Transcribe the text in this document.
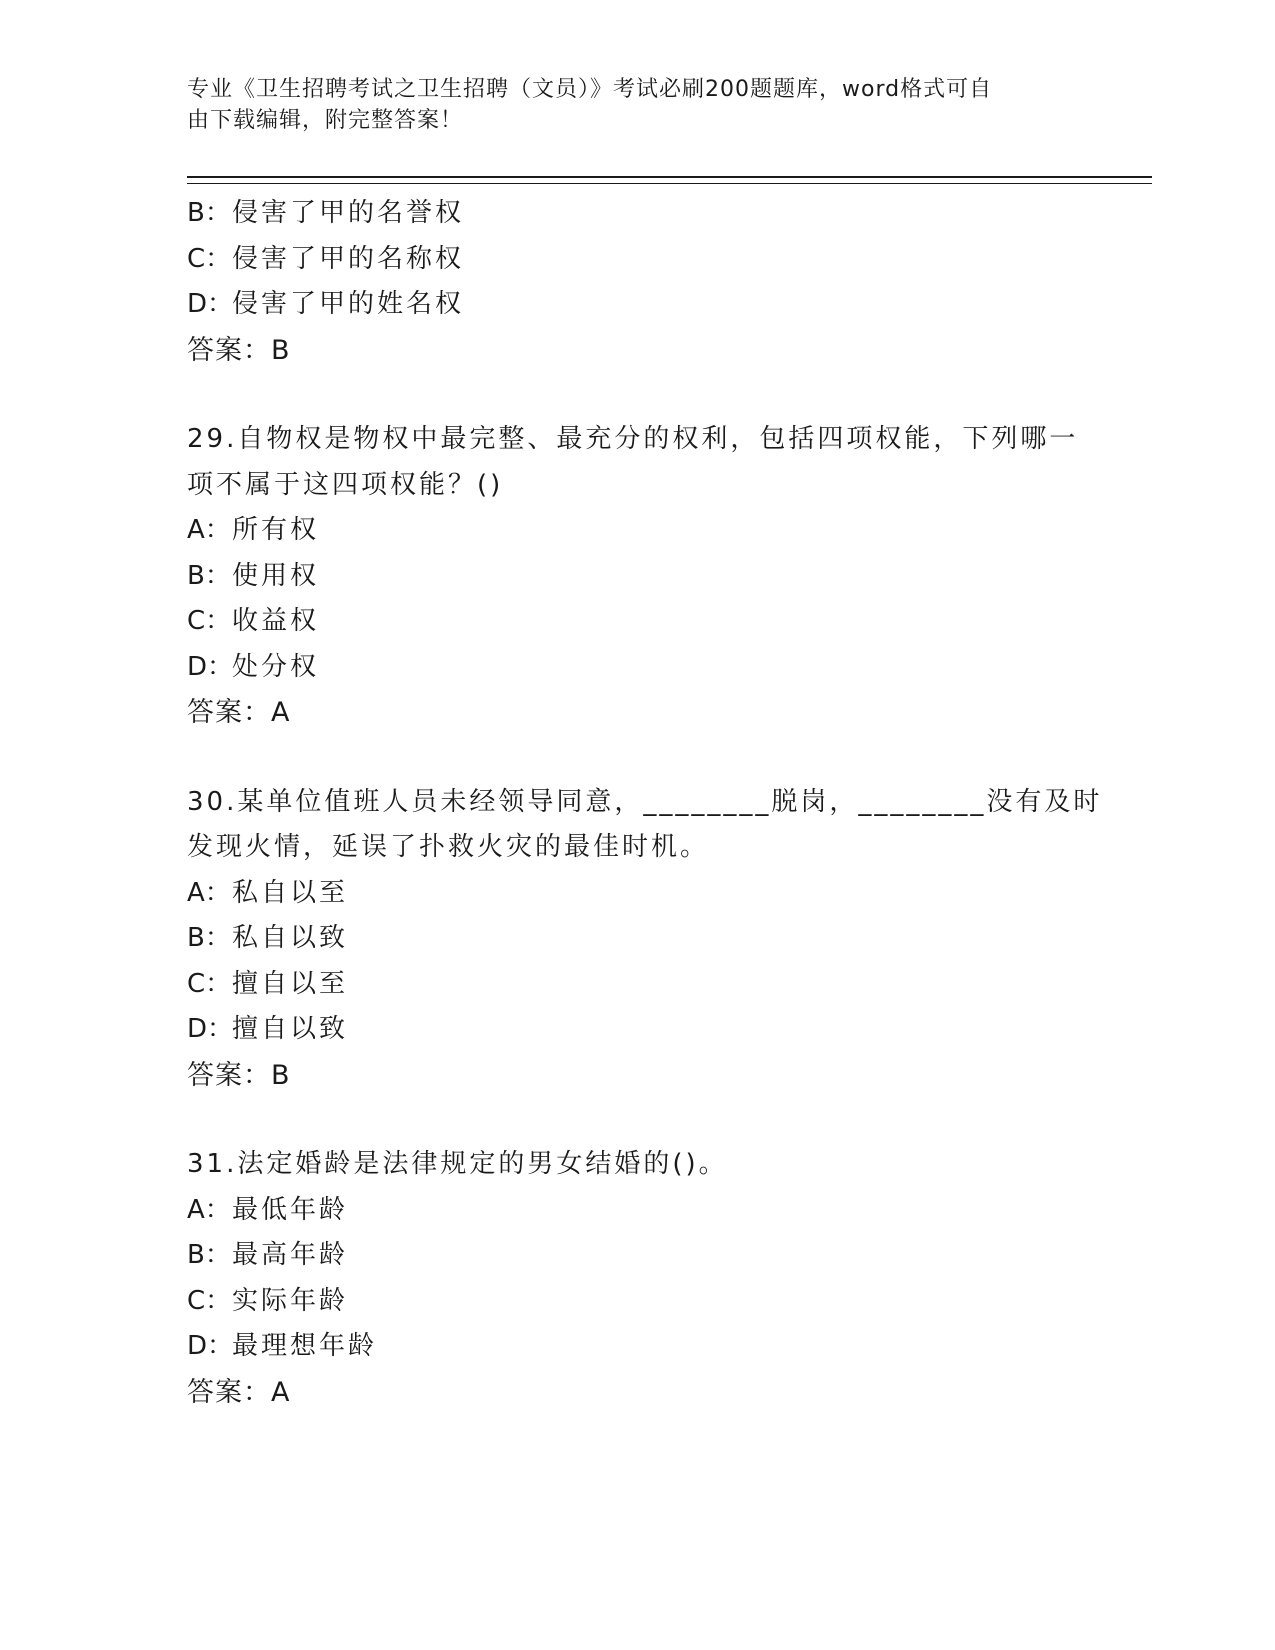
专业《卫生招聘考试之卫生招聘（文员）》考试必刷200题题库，word格式可自
由下载编辑，附完整答案！
B：侵害了甲的名誉权
C：侵害了甲的名称权
D：侵害了甲的姓名权
答案：B
29.自物权是物权中最完整、最充分的权利，包括四项权能，下列哪一
项不属于这四项权能？()
A：所有权
B：使用权
C：收益权
D：处分权
答案：A
30.某单位值班人员未经领导同意，________脱岗，________没有及时
发现火情，延误了扑救火灾的最佳时机。
A：私自以至
B：私自以致
C：擅自以至
D：擅自以致
答案：B
31.法定婚龄是法律规定的男女结婚的()。
A：最低年龄
B：最高年龄
C：实际年龄
D：最理想年龄
答案：A
